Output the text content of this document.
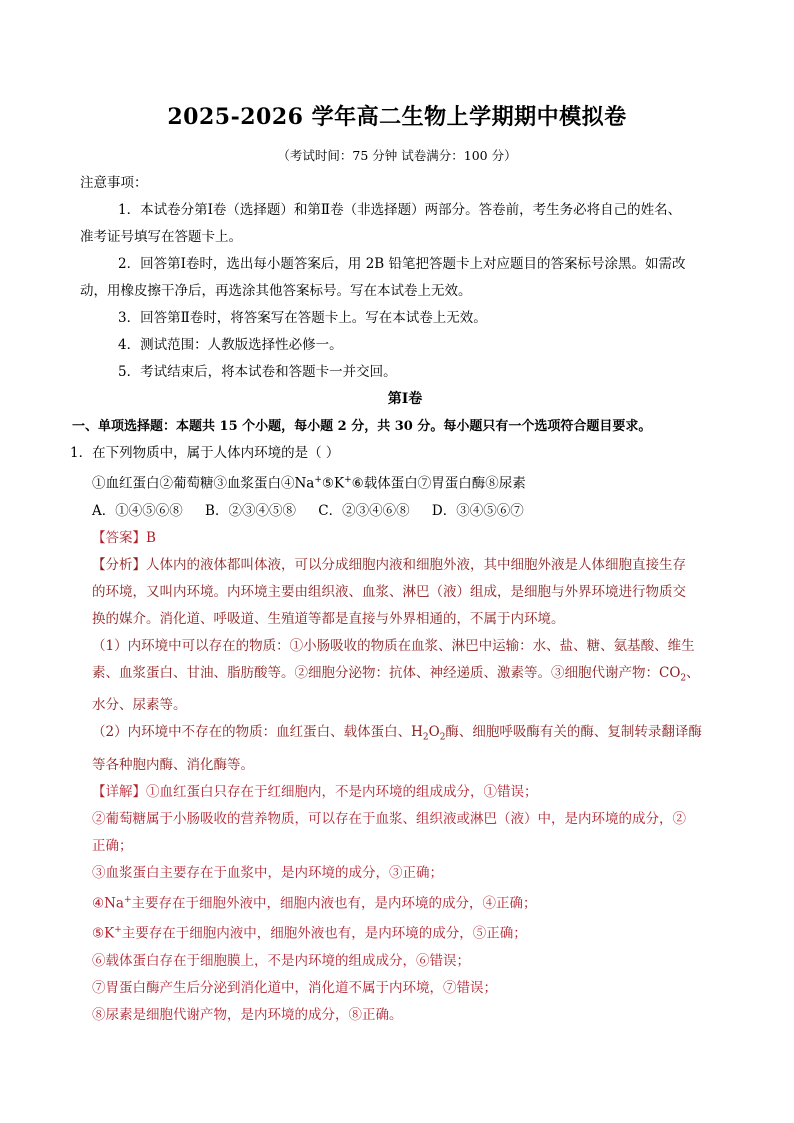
2025-2026 学年高二生物上学期期中模拟卷
（考试时间：75 分钟 试卷满分：100 分）
注意事项：
1．本试卷分第Ⅰ卷（选择题）和第Ⅱ卷（非选择题）两部分。答卷前，考生务必将自己的姓名、
准考证号填写在答题卡上。
2．回答第Ⅰ卷时，选出每小题答案后，用 2B 铅笔把答题卡上对应题目的答案标号涂黑。如需改
动，用橡皮擦干净后，再选涂其他答案标号。写在本试卷上无效。
3．回答第Ⅱ卷时，将答案写在答题卡上。写在本试卷上无效。
4．测试范围：人教版选择性必修一。
5．考试结束后，将本试卷和答题卡一并交回。
第Ⅰ卷
一、单项选择题：本题共 15 个小题，每小题 2 分，共 30 分。每小题只有一个选项符合题目要求。
1．在下列物质中，属于人体内环境的是（ ）
①血红蛋白②葡萄糖③血浆蛋白④Na+⑤K+⑥载体蛋白⑦胃蛋白酶⑧尿素
A．①④⑤⑥⑧ B．②③④⑤⑧ C．②③④⑥⑧ D．③④⑤⑥⑦
【答案】B
【分析】人体内的液体都叫体液，可以分成细胞内液和细胞外液，其中细胞外液是人体细胞直接生存
的环境，又叫内环境。内环境主要由组织液、血浆、淋巴（液）组成，是细胞与外界环境进行物质交
换的媒介。消化道、呼吸道、生殖道等都是直接与外界相通的，不属于内环境。
（1）内环境中可以存在的物质：①小肠吸收的物质在血浆、淋巴中运输：水、盐、糖、氨基酸、维生
素、血浆蛋白、甘油、脂肪酸等。②细胞分泌物：抗体、神经递质、激素等。③细胞代谢产物：$CO_2$、
水分、尿素等。
（2）内环境中不存在的物质：血红蛋白、载体蛋白、$H_2O_2$酶、细胞呼吸酶有关的酶、复制转录翻译酶
等各种胞内酶、消化酶等。
【详解】①血红蛋白只存在于红细胞内，不是内环境的组成成分，①错误；
②葡萄糖属于小肠吸收的营养物质，可以存在于血浆、组织液或淋巴（液）中，是内环境的成分，②
正确；
③血浆蛋白主要存在于血浆中，是内环境的成分，③正确；
④Na+主要存在于细胞外液中，细胞内液也有，是内环境的成分，④正确；
⑤K+主要存在于细胞内液中，细胞外液也有，是内环境的成分，⑤正确；
⑥载体蛋白存在于细胞膜上，不是内环境的组成成分，⑥错误；
⑦胃蛋白酶产生后分泌到消化道中，消化道不属于内环境，⑦错误；
⑧尿素是细胞代谢产物，是内环境的成分，⑧正确。
